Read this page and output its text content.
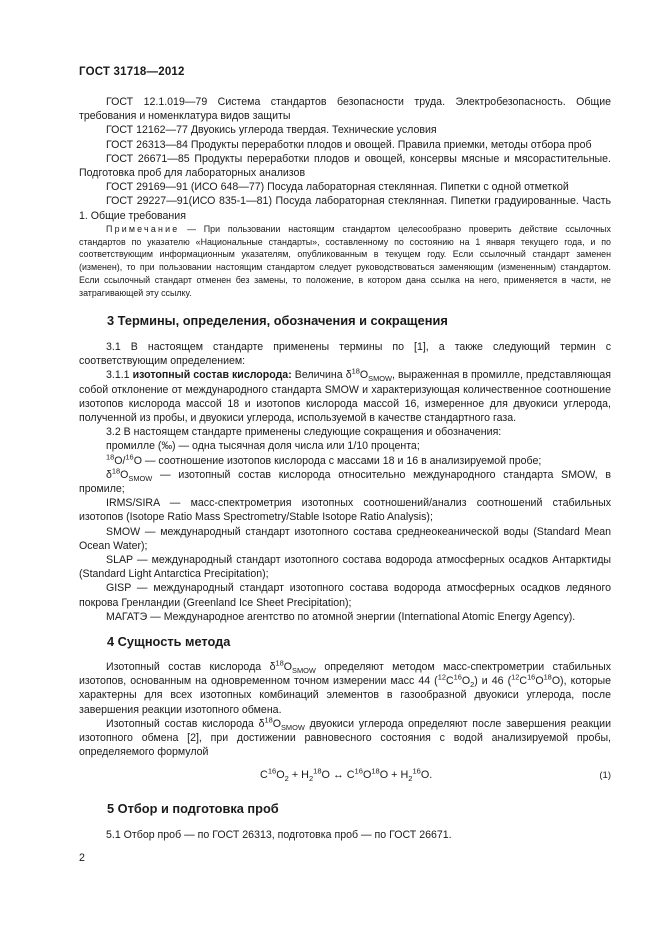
ГОСТ 31718—2012

ГОСТ 12.1.019—79 Система стандартов безопасности труда. Электробезопасность. Общие требования и номенклатура видов защиты

ГОСТ 12162—77 Двуокись углерода твердая. Технические условия

ГОСТ 26313—84 Продукты переработки плодов и овощей. Правила приемки, методы отбора проб

ГОСТ 26671—85 Продукты переработки плодов и овощей, консервы мясные и мясорастительные. Подготовка проб для лабораторных анализов

ГОСТ 29169—91 (ИСО 648—77) Посуда лабораторная стеклянная. Пипетки с одной отметкой

ГОСТ 29227—91(ИСО 835-1—81) Посуда лабораторная стеклянная. Пипетки градуированные. Часть 1. Общие требования

Примечание — При пользовании настоящим стандартом целесообразно проверить действие ссылочных стандартов по указателю «Национальные стандарты», составленному по состоянию на 1 января текущего года, и по соответствующим информационным указателям, опубликованным в текущем году. Если ссылочный стандарт заменен (изменен), то при пользовании настоящим стандартом следует руководствоваться заменяющим (измененным) стандартом. Если ссылочный стандарт отменен без замены, то положение, в котором дана ссылка на него, применяется в части, не затрагивающей эту ссылку.
3 Термины, определения, обозначения и сокращения

3.1 В настоящем стандарте применены термины по [1], а также следующий термин с соответствующим определением:

3.1.1 изотопный состав кислорода: Величина $\delta^{18}O_{SMOW}$, выраженная в промилле, представляющая собой отклонение от международного стандарта SMOW и характеризующая количественное соотношение изотопов кислорода массой 18 и изотопов кислорода массой 16, измеренное для двуокиси углерода, полученной из пробы, и двуокиси углерода, используемой в качестве стандартного газа.

3.2 В настоящем стандарте применены следующие сокращения и обозначения:

промилле (‰) — одна тысячная доля числа или 1/10 процента;

$^{18}$O/$^{16}$O — соотношение изотопов кислорода с массами 18 и 16 в анализируемой пробе;

$\delta^{18}O_{SMOW}$ — изотопный состав кислорода относительно международного стандарта SMOW, в промиле;

IRMS/SIRA — масс-спектрометрия изотопных соотношений/анализ соотношений стабильных изотопов (Isotope Ratio Mass Spectrometry/Stable Isotope Ratio Analysis);

SMOW — международный стандарт изотопного состава среднеокеанической воды (Standard Mean Ocean Water);

SLAP — международный стандарт изотопного состава водорода атмосферных осадков Антарктиды (Standard Light Antarctica Precipitation);

GISP — международный стандарт изотопного состава водорода атмосферных осадков ледяного покрова Гренландии (Greenland Ice Sheet Precipitation);

МАГАТЭ — Международное агентство по атомной энергии (International Atomic Energy Agency).

4 Сущность метода

Изотопный состав кислорода $\delta^{18}O_{SMOW}$ определяют методом масс-спектрометрии стабильных изотопов, основанным на одновременном точном измерении масс 44 $(^{12}C^{16}O_2)$ и 46 $(^{12}C^{16}O^{18}O)$, которые характерны для всех изотопных комбинаций элементов в газообразной двуокиси углерода, после завершения реакции изотопного обмена.

Изотопный состав кислорода $\delta^{18}O_{SMOW}$ двуокиси углерода определяют после завершения реакции изотопного обмена [2], при достижении равновесного состояния с водой анализируемой пробы, определяемого формулой

$C^{16}O_2 + H_2^{18}O$ ↔ $C^{16}O^{18}O + H_2^{16}O$.	(1)
5 Отбор и подготовка проб

5.1 Отбор проб — по ГОСТ 26313, подготовка проб — по ГОСТ 26671.

2
